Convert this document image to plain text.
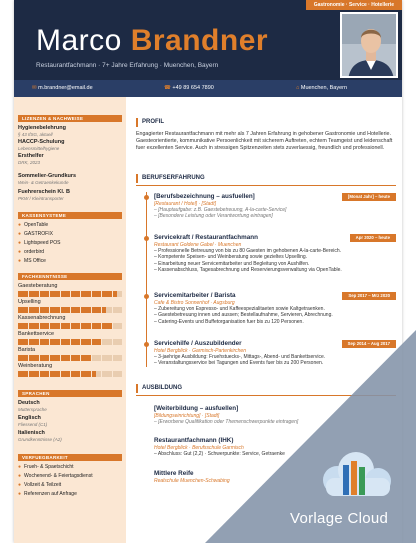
Gastronomie · Service · Hotellerie
Marco Brandner
Restaurantfachmann · 7+ Jahre Erfahrung · Muenchen, Bayern
✉ m.brandner@email.de	☎ +49 89 654 7890	⌂ Muenchen, Bayern
LIZENZEN & NACHWEISE
Hygienebelehrung
§ 43 IfSG, aktuell
HACCP-Schulung
Lebensmittelhygiene
Ersthelfer
DRK, 2023
Sommelier-Grundkurs
Wein- & Getraenkekunde
Fuehrerschein Kl. B
PKW / Kleintransporter
KASSENSYSTEME
● OpenTable
● GASTROFIX
● Lightspeed POS
● orderbird
● MS Office
FACHKENNTNISSE
Gaesteberatung
Upselling
Kassenabrechnung
Bankettservice
Barista
Weinberatung
SPRACHEN
Deutsch
Muttersprache
Englisch
Fliessend (C1)
Italienisch
Grundkenntnisse (A2)
VERFUEGBARKEIT
● Frueh- & Spaetschicht
● Wochenend- & Feiertagsdienst
● Vollzeit & Teilzeit
● Referenzen auf Anfrage
PROFIL
Engagierter Restaurantfachmann mit mehr als 7 Jahren Erfahrung in gehobener Gastronomie und Hotellerie. Gaesteorientierte, kommunikative Persoenlichkeit mit sicherem Auftreten, echtem Teamgeist und leidenschaft fuer exzellenten Service. Auch in stressigen Spitzenzeiten stets zuverlaessig, freundlich und professionell.
BERUFSERFAHRUNG
[Monat Jahr] – heute
[Berufsbezeichnung – ausfuellen]
[Restaurant / Hotel] · [Stadt]
– [Hauptaufgabe: z.B. Gaestebetreuung, A-la-carte-Service]
– [Besondere Leistung oder Verantwortung eintragen]
Apr 2020 – heute
Servicekraft / Restaurantfachmann
Restaurant Goldene Gabel · Muenchen
– Professionelle Betreuung von bis zu 80 Gaesten im gehobenen A-la-carte-Bereich.
– Kompetente Speisen- und Weinberatung sowie gezieltes Upselling.
– Einarbeitung neuer Servicemitarbeiter und Begleitung von Aushilfen.
– Kassenabschluss, Tagesabrechnung und Reservierungsverwaltung via OpenTable.
Sep 2017 – Mrz 2020
Servicemitarbeiter / Barista
Cafe & Bistro Sonnenhof · Augsburg
– Zubereitung von Espresso- und Kaffeespezialitaeten sowie Kaltgetraenken.
– Gaestebetreuung innen und aussen; Bestellaufnahme, Servieren, Abrechnung.
– Catering-Events und Buffetorganisation fuer bis zu 120 Personen.
Sep 2014 – Aug 2017
Servicehilfe / Auszubildender
Hotel Bergblick · Garmisch-Partenkirchen
– 3-jaehrige Ausbildung: Fruehstuecks-, Mittags-, Abend- und Bankettservice.
– Veranstaltungsservice bei Tagungen und Events fuer bis zu 200 Personen.
AUSBILDUNG
[Weiterbildung – ausfuellen]
[Bildungseinrichtung] · [Stadt]
– [Erworbene Qualifikation oder Themenschwerpunkte eintragen]
Restaurantfachmann (IHK)
Hotel Bergblick · Berufsschule Garmisch
– Abschluss: Gut (2,2) · Schwerpunkte: Service, Getraenke
Mittlere Reife
Realschule Muenchen-Schwabing
Vorlage Cloud
